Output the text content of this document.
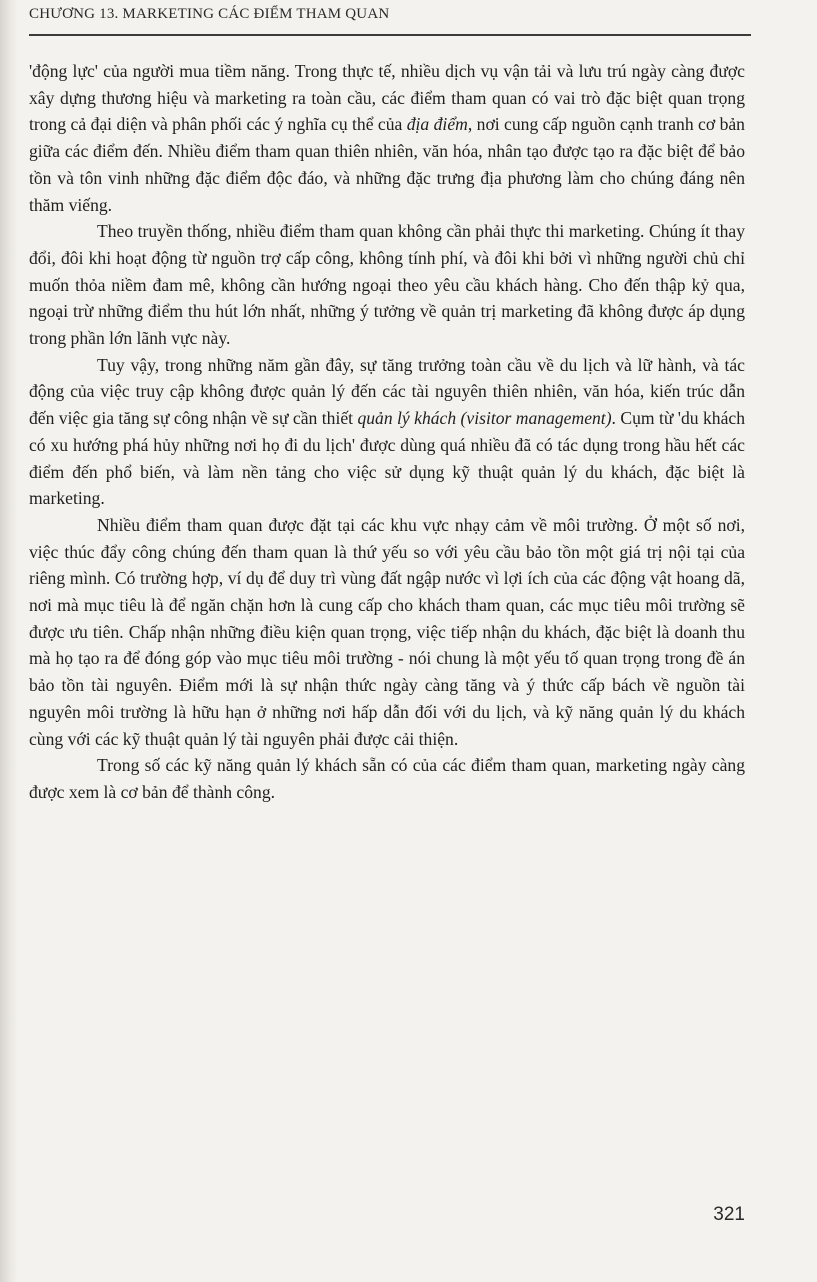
CHƯƠNG 13. MARKETING CÁC ĐIỂM THAM QUAN

'động lực' của người mua tiềm năng. Trong thực tế, nhiều dịch vụ vận tải và lưu trú ngày càng được xây dựng thương hiệu và marketing ra toàn cầu, các điểm tham quan có vai trò đặc biệt quan trọng trong cả đại diện và phân phối các ý nghĩa cụ thể của địa điểm, nơi cung cấp nguồn cạnh tranh cơ bản giữa các điểm đến. Nhiều điểm tham quan thiên nhiên, văn hóa, nhân tạo được tạo ra đặc biệt để bảo tồn và tôn vinh những đặc điểm độc đáo, và những đặc trưng địa phương làm cho chúng đáng nên thăm viếng.

Theo truyền thống, nhiều điểm tham quan không cần phải thực thi marketing. Chúng ít thay đổi, đôi khi hoạt động từ nguồn trợ cấp công, không tính phí, và đôi khi bởi vì những người chủ chỉ muốn thỏa niềm đam mê, không cần hướng ngoại theo yêu cầu khách hàng. Cho đến thập kỷ qua, ngoại trừ những điểm thu hút lớn nhất, những ý tưởng về quản trị marketing đã không được áp dụng trong phần lớn lãnh vực này.

Tuy vậy, trong những năm gần đây, sự tăng trưởng toàn cầu về du lịch và lữ hành, và tác động của việc truy cập không được quản lý đến các tài nguyên thiên nhiên, văn hóa, kiến trúc dẫn đến việc gia tăng sự công nhận về sự cần thiết quản lý khách (visitor management). Cụm từ 'du khách có xu hướng phá hủy những nơi họ đi du lịch' được dùng quá nhiều đã có tác dụng trong hầu hết các điểm đến phổ biến, và làm nền tảng cho việc sử dụng kỹ thuật quản lý du khách, đặc biệt là marketing.

Nhiều điểm tham quan được đặt tại các khu vực nhạy cảm về môi trường. Ở một số nơi, việc thúc đẩy công chúng đến tham quan là thứ yếu so với yêu cầu bảo tồn một giá trị nội tại của riêng mình. Có trường hợp, ví dụ để duy trì vùng đất ngập nước vì lợi ích của các động vật hoang dã, nơi mà mục tiêu là để ngăn chặn hơn là cung cấp cho khách tham quan, các mục tiêu môi trường sẽ được ưu tiên. Chấp nhận những điều kiện quan trọng, việc tiếp nhận du khách, đặc biệt là doanh thu mà họ tạo ra để đóng góp vào mục tiêu môi trường - nói chung là một yếu tố quan trọng trong đề án bảo tồn tài nguyên. Điểm mới là sự nhận thức ngày càng tăng và ý thức cấp bách về nguồn tài nguyên môi trường là hữu hạn ở những nơi hấp dẫn đối với du lịch, và kỹ năng quản lý du khách cùng với các kỹ thuật quản lý tài nguyên phải được cải thiện.

Trong số các kỹ năng quản lý khách sẵn có của các điểm tham quan, marketing ngày càng được xem là cơ bản để thành công.

321
